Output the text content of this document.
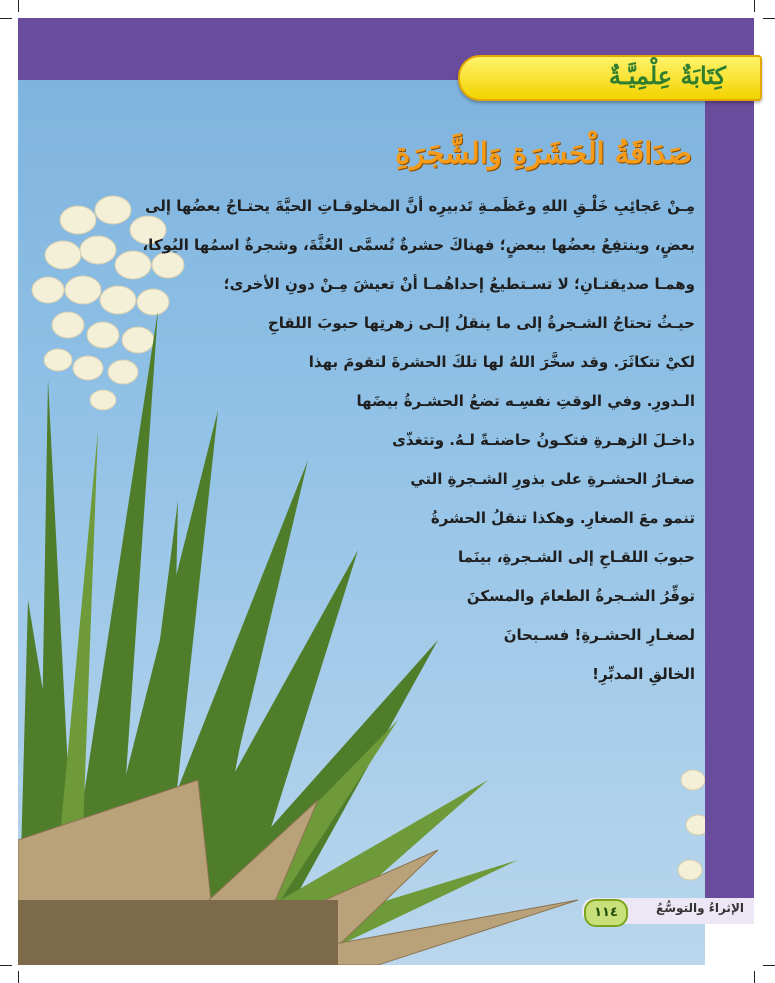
كِتَابَةٌ عِلْمِيَّـةٌ
صَدَاقَةُ الْحَشَرَةِ وَالشَّجَرَةِ

مِـنْ عَجائِبِ خَلْـقِ اللهِ وعَظَمـةِ تَدبيرِه أنَّ المخلوقـاتِ الحيَّةَ يحتـاجُ بعضُها إلى
بعضٍ، وينتفِعُ بعضُها ببعضٍ؛ فهناكَ حشرةٌ تُسمَّى العُثَّةَ، وشجرةٌ اسمُها اليُوكا،
وهمـا صديقتـانِ؛ لا تسـتطيعُ إحداهُمـا أنْ تعيشَ مِـنْ دونِ الأخرى؛
حيـثُ تحتاجُ الشـجرةُ إلى ما ينقلُ إلـى زهرتِها حبوبَ اللقاحِ
لكيْ تتكاثَرَ. وقد سخَّرَ اللهُ لها تلكَ الحشرةَ لتقومَ بهذا
الـدورِ. وفي الوقتِ نفسِـه تضعُ الحشـرةُ بيضَها
داخـلَ الزهـرةِ فتكـونُ حاضنـةً لـهُ. وتتغذّى
صغـارُ الحشـرةِ على بذورِ الشـجرةِ التي
تنمو معَ الصغارِ. وهكذا تنقلُ الحشرةُ
حبوبَ اللقـاحِ إلى الشـجرةِ، بينَما
توفِّرُ الشـجرةُ الطعامَ والمسكنَ
لصغـارِ الحشـرةِ! فسـبحانَ
الخالقِ المدبِّرِ!

الإثراءُ والتوسُّعُ
١١٤
